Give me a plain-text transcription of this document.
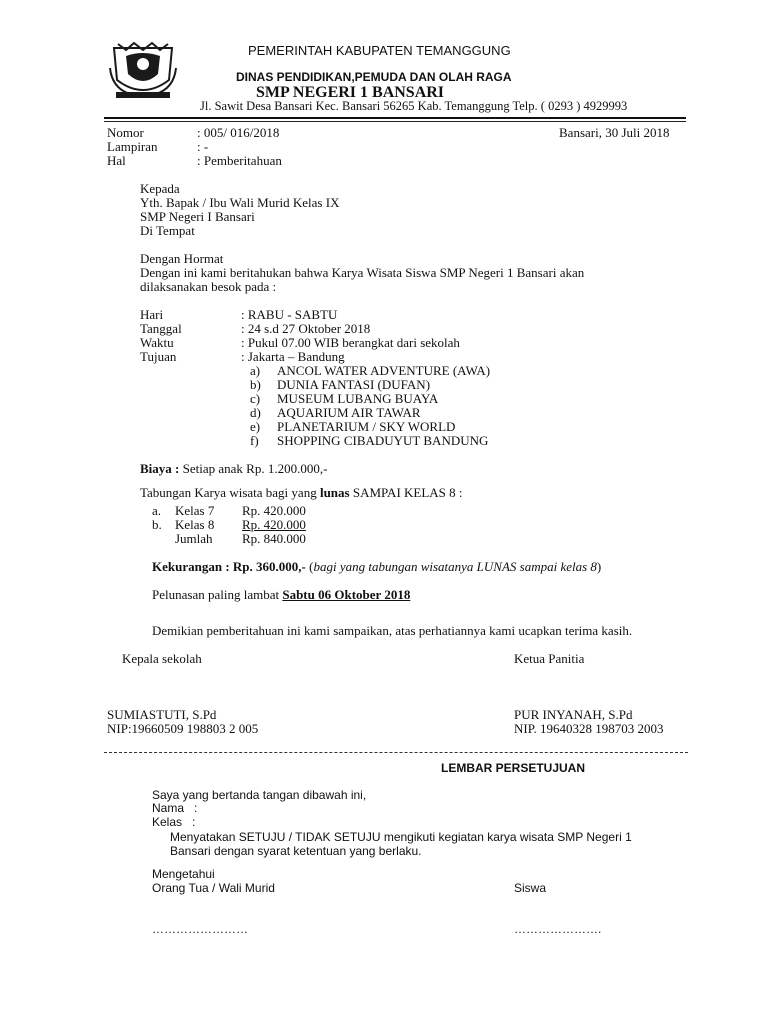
PEMERINTAH KABUPATEN TEMANGGUNG
DINAS PENDIDIKAN,PEMUDA DAN OLAH RAGA
SMP NEGERI 1 BANSARI
Jl. Sawit Desa Bansari Kec. Bansari 56265 Kab. Temanggung Telp. ( 0293 ) 4929993
Nomor	: 005/ 016/2018	Bansari, 30 Juli 2018
Lampiran	: -
Hal	: Pemberitahuan
Kepada
Yth. Bapak / Ibu Wali Murid Kelas IX
SMP Negeri I Bansari
Di Tempat
Dengan Hormat
Dengan ini kami beritahukan bahwa Karya Wisata Siswa SMP Negeri 1 Bansari akan
dilaksanakan besok pada :
Hari	: RABU - SABTU
Tanggal	: 24 s.d 27 Oktober 2018
Waktu	: Pukul 07.00 WIB berangkat dari sekolah
Tujuan	: Jakarta – Bandung
a) ANCOL WATER ADVENTURE (AWA)
b) DUNIA FANTASI (DUFAN)
c) MUSEUM LUBANG BUAYA
d) AQUARIUM AIR TAWAR
e) PLANETARIUM / SKY WORLD
f) SHOPPING CIBADUYUT BANDUNG
Biaya : Setiap anak Rp. 1.200.000,-
Tabungan Karya wisata bagi yang lunas SAMPAI KELAS 8 :
a. Kelas 7 Rp. 420.000
b. Kelas 8 Rp. 420.000
Jumlah Rp. 840.000
Kekurangan : Rp. 360.000,- (bagi yang tabungan wisatanya LUNAS sampai kelas 8)
Pelunasan paling lambat Sabtu 06 Oktober 2018
Demikian pemberitahuan ini kami sampaikan, atas perhatiannya kami ucapkan terima kasih.
Kepala sekolah	Ketua Panitia
SUMIASTUTI, S.Pd	PUR INYANAH, S.Pd
NIP:19660509 198803 2 005	NIP. 19640328 198703 2003
LEMBAR PERSETUJUAN
Saya yang bertanda tangan dibawah ini,
Nama   :
Kelas   :
Menyatakan SETUJU / TIDAK SETUJU mengikuti kegiatan karya wisata SMP Negeri 1
Bansari dengan syarat ketentuan yang berlaku.
Mengetahui
Orang Tua / Wali Murid	Siswa
……………………	………………….
